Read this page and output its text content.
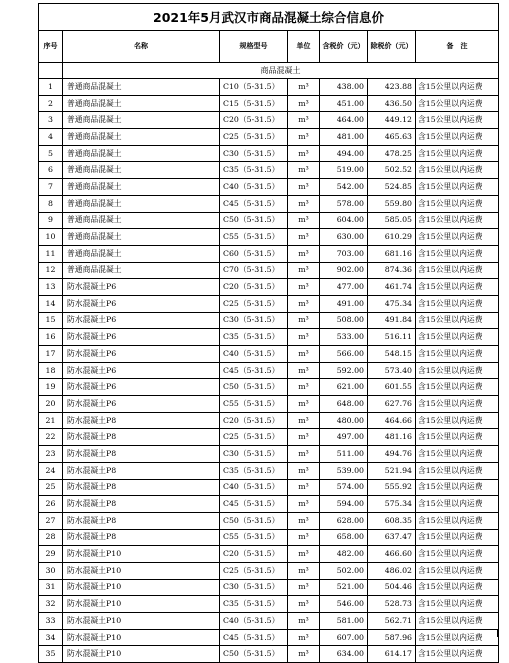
2021年5月武汉市商品混凝土综合信息价						
序号	名称	规格型号	单位	含税价（元）	除税价（元）	备　注
	商品混凝土					
1	普通商品混凝土	C10（5-31.5）	m³	438.00	423.88	含15公里以内运费
2	普通商品混凝土	C15（5-31.5）	m³	451.00	436.50	含15公里以内运费
3	普通商品混凝土	C20（5-31.5）	m³	464.00	449.12	含15公里以内运费
4	普通商品混凝土	C25（5-31.5）	m³	481.00	465.63	含15公里以内运费
5	普通商品混凝土	C30（5-31.5）	m³	494.00	478.25	含15公里以内运费
6	普通商品混凝土	C35（5-31.5）	m³	519.00	502.52	含15公里以内运费
7	普通商品混凝土	C40（5-31.5）	m³	542.00	524.85	含15公里以内运费
8	普通商品混凝土	C45（5-31.5）	m³	578.00	559.80	含15公里以内运费
9	普通商品混凝土	C50（5-31.5）	m³	604.00	585.05	含15公里以内运费
10	普通商品混凝土	C55（5-31.5）	m³	630.00	610.29	含15公里以内运费
11	普通商品混凝土	C60（5-31.5）	m³	703.00	681.16	含15公里以内运费
12	普通商品混凝土	C70（5-31.5）	m³	902.00	874.36	含15公里以内运费
13	防水混凝土P6	C20（5-31.5）	m³	477.00	461.74	含15公里以内运费
14	防水混凝土P6	C25（5-31.5）	m³	491.00	475.34	含15公里以内运费
15	防水混凝土P6	C30（5-31.5）	m³	508.00	491.84	含15公里以内运费
16	防水混凝土P6	C35（5-31.5）	m³	533.00	516.11	含15公里以内运费
17	防水混凝土P6	C40（5-31.5）	m³	566.00	548.15	含15公里以内运费
18	防水混凝土P6	C45（5-31.5）	m³	592.00	573.40	含15公里以内运费
19	防水混凝土P6	C50（5-31.5）	m³	621.00	601.55	含15公里以内运费
20	防水混凝土P6	C55（5-31.5）	m³	648.00	627.76	含15公里以内运费
21	防水混凝土P8	C20（5-31.5）	m³	480.00	464.66	含15公里以内运费
22	防水混凝土P8	C25（5-31.5）	m³	497.00	481.16	含15公里以内运费
23	防水混凝土P8	C30（5-31.5）	m³	511.00	494.76	含15公里以内运费
24	防水混凝土P8	C35（5-31.5）	m³	539.00	521.94	含15公里以内运费
25	防水混凝土P8	C40（5-31.5）	m³	574.00	555.92	含15公里以内运费
26	防水混凝土P8	C45（5-31.5）	m³	594.00	575.34	含15公里以内运费
27	防水混凝土P8	C50（5-31.5）	m³	628.00	608.35	含15公里以内运费
28	防水混凝土P8	C55（5-31.5）	m³	658.00	637.47	含15公里以内运费
29	防水混凝土P10	C20（5-31.5）	m³	482.00	466.60	含15公里以内运费
30	防水混凝土P10	C25（5-31.5）	m³	502.00	486.02	含15公里以内运费
31	防水混凝土P10	C30（5-31.5）	m³	521.00	504.46	含15公里以内运费
32	防水混凝土P10	C35（5-31.5）	m³	546.00	528.73	含15公里以内运费
33	防水混凝土P10	C40（5-31.5）	m³	581.00	562.71	含15公里以内运费
34	防水混凝土P10	C45（5-31.5）	m³	607.00	587.96	含15公里以内运费
35	防水混凝土P10	C50（5-31.5）	m³	634.00	614.17	含15公里以内运费
